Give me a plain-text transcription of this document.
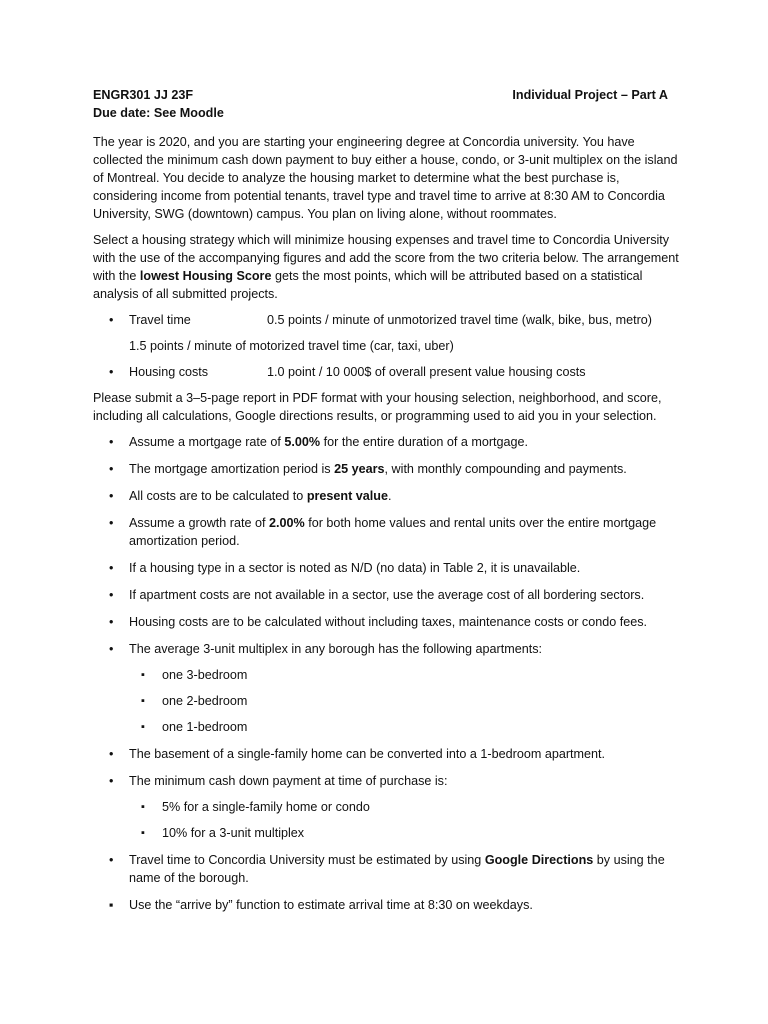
ENGR301 JJ 23F	Individual Project – Part A
Due date: See Moodle

The year is 2020, and you are starting your engineering degree at Concordia university. You have collected the minimum cash down payment to buy either a house, condo, or 3-unit multiplex on the island of Montreal. You decide to analyze the housing market to determine what the best purchase is, considering income from potential tenants, travel type and travel time to arrive at 8:30 AM to Concordia University, SWG (downtown) campus. You plan on living alone, without roommates.

Select a housing strategy which will minimize housing expenses and travel time to Concordia University with the use of the accompanying figures and add the score from the two criteria below. The arrangement with the lowest Housing Score gets the most points, which will be attributed based on a statistical analysis of all submitted projects.

• Travel time	0.5 points / minute of unmotorized travel time (walk, bike, bus, metro)
1.5 points / minute of motorized travel time (car, taxi, uber)
• Housing costs	1.0 point / 10 000$ of overall present value housing costs

Please submit a 3–5-page report in PDF format with your housing selection, neighborhood, and score, including all calculations, Google directions results, or programming used to aid you in your selection.

• Assume a mortgage rate of 5.00% for the entire duration of a mortgage.
• The mortgage amortization period is 25 years, with monthly compounding and payments.
• All costs are to be calculated to present value.
• Assume a growth rate of 2.00% for both home values and rental units over the entire mortgage amortization period.
• If a housing type in a sector is noted as N/D (no data) in Table 2, it is unavailable.
• If apartment costs are not available in a sector, use the average cost of all bordering sectors.
• Housing costs are to be calculated without including taxes, maintenance costs or condo fees.
• The average 3-unit multiplex in any borough has the following apartments:
▪ one 3-bedroom
▪ one 2-bedroom
▪ one 1-bedroom
• The basement of a single-family home can be converted into a 1-bedroom apartment.
• The minimum cash down payment at time of purchase is:
▪ 5% for a single-family home or condo
▪ 10% for a 3-unit multiplex
• Travel time to Concordia University must be estimated by using Google Directions by using the name of the borough.
▪ Use the “arrive by” function to estimate arrival time at 8:30 on weekdays.
